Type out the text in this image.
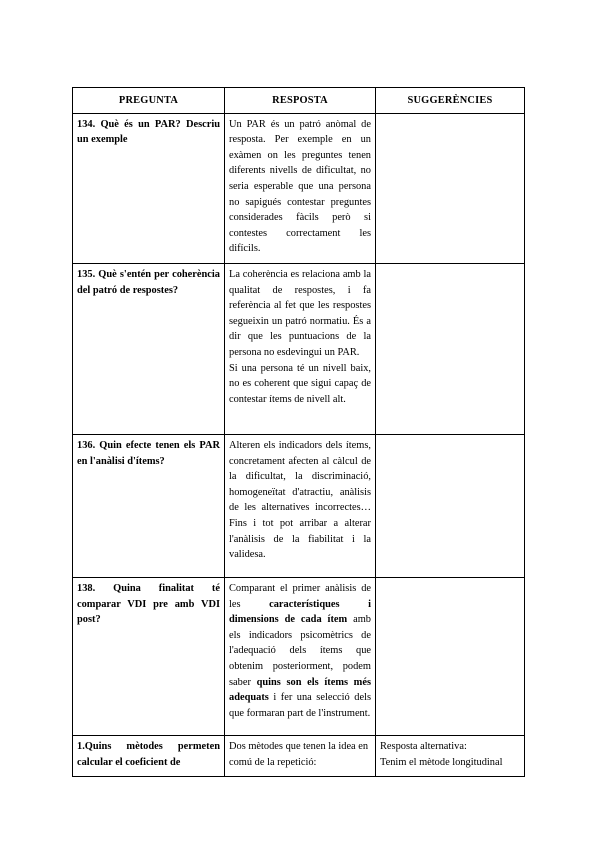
PREGUNTA	RESPOSTA	SUGGERÈNCIES
134. Què és un PAR? Descriu un exemple	Un PAR és un patró anòmal de resposta. Per exemple en un exàmen on les preguntes tenen diferents nivells de dificultat, no seria esperable que una persona no sapigués contestar preguntes considerades fàcils però si contestes correctament les difícils.	
135. Què s'entén per coherència del patró de respostes?	La coherència es relaciona amb la qualitat de respostes, i fa referència al fet que les respostes segueixin un patró normatiu. És a dir que les puntuacions de la persona no esdevingui un PAR.

Si una persona té un nivell baix, no es coherent que sigui capaç de contestar ítems de nivell alt.	

136. Quin efecte tenen els PAR en l'anàlisi d'ítems?	Alteren els indicadors dels ítems, concretament afecten al càlcul de la dificultat, la discriminació, homogeneïtat d'atractiu, anàlisis de les alternatives incorrectes… Fins i tot pot arribar a alterar l'anàlisis de la fiabilitat i la validesa.	
138. Quina finalitat té comparar VDI pre amb VDI post?	Comparant el primer anàlisis de les característiques i dimensions de cada ítem amb els indicadors psicomètrics de l'adequació dels ítems que obtenim posteriorment, podem saber quins son els ítems més adequats i fer una selecció dels que formaran part de l'instrument.	
1.Quins mètodes permeten calcular el coeficient de	Dos mètodes que tenen la idea en comú de la repetició:	Resposta alternativa:
Tenim el mètode longitudinal
